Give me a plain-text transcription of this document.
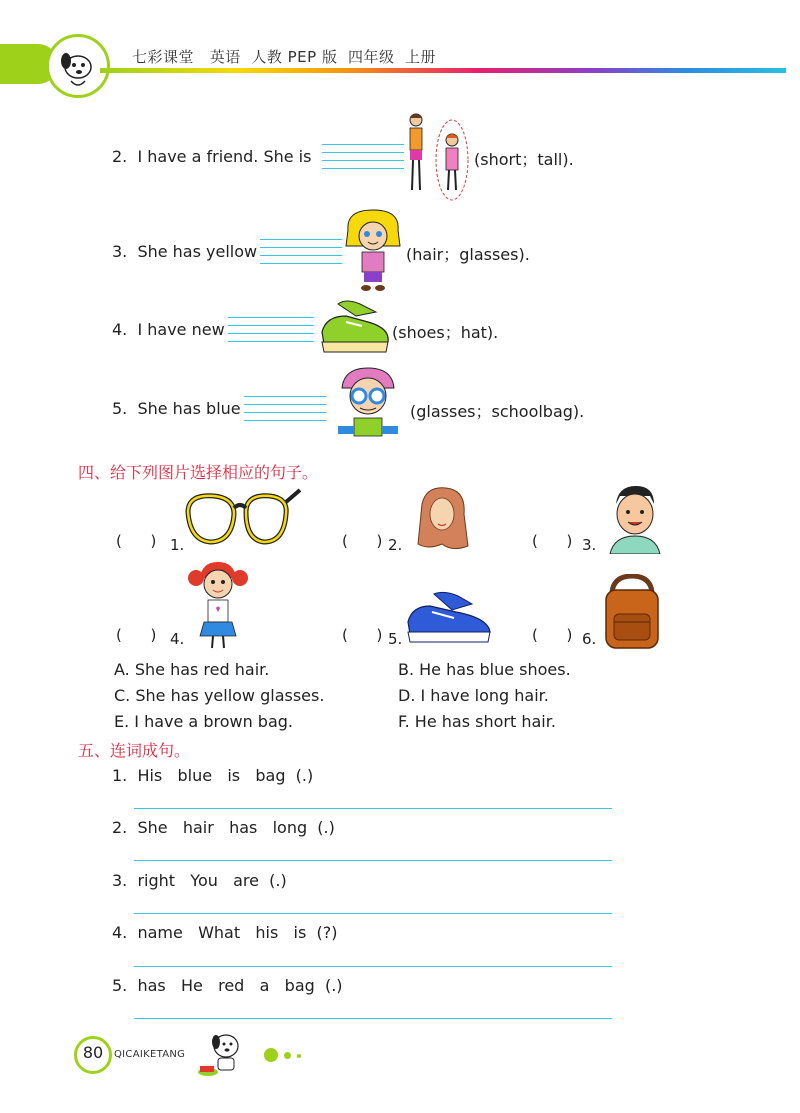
七彩课堂   英语  人教 PEP 版  四年级  上册
2.  I have a friend. She is	(short；tall).
3.  She has yellow	(hair；glasses).
4.  I have new	(shoes；hat).
5.  She has blue	(glasses；schoolbag).
四、给下列图片选择相应的句子。
(      ) 1.	(      ) 2.	(      ) 3.
(      ) 4.	(      ) 5.	(      ) 6.
A. She has red hair.	B. He has blue shoes.
C. She has yellow glasses.	D. I have long hair.
E. I have a brown bag.	F. He has short hair.
五、连词成句。
1.  His   blue   is   bag  (.)
2.  She   hair   has   long  (.)
3.  right   You   are  (.)
4.  name   What   his   is  (?)
5.  has   He   red   a   bag  (.)
80	QICAIKETANG
